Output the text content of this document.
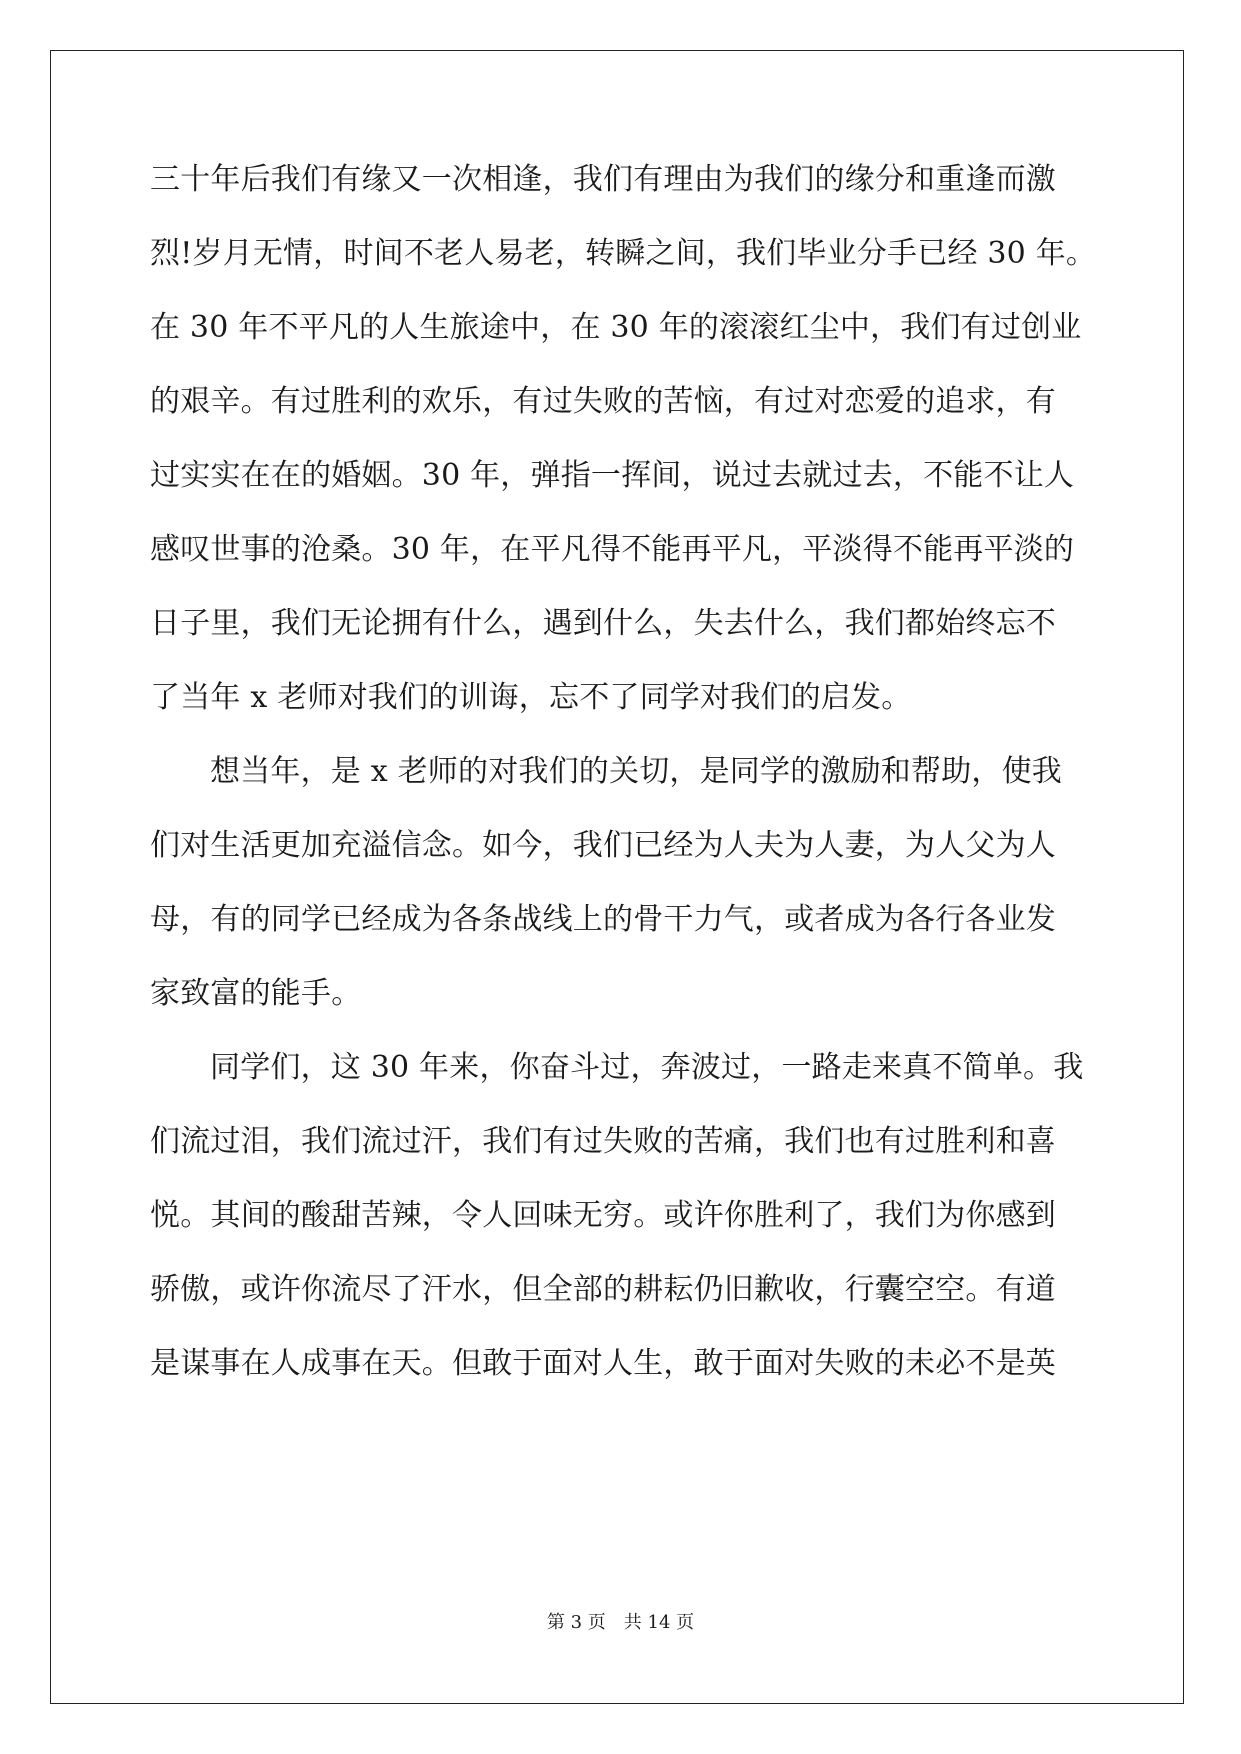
三十年后我们有缘又一次相逢，我们有理由为我们的缘分和重逢而激
烈!岁月无情，时间不老人易老，转瞬之间，我们毕业分手已经 30 年。
在 30 年不平凡的人生旅途中，在 30 年的滚滚红尘中，我们有过创业
的艰辛。有过胜利的欢乐，有过失败的苦恼，有过对恋爱的追求，有
过实实在在的婚姻。30 年，弹指一挥间，说过去就过去，不能不让人
感叹世事的沧桑。30 年，在平凡得不能再平凡，平淡得不能再平淡的
日子里，我们无论拥有什么，遇到什么，失去什么，我们都始终忘不
了当年 x 老师对我们的训诲，忘不了同学对我们的启发。
想当年，是 x 老师的对我们的关切，是同学的激励和帮助，使我
们对生活更加充溢信念。如今，我们已经为人夫为人妻，为人父为人
母，有的同学已经成为各条战线上的骨干力气，或者成为各行各业发
家致富的能手。
同学们，这 30 年来，你奋斗过，奔波过，一路走来真不简单。我
们流过泪，我们流过汗，我们有过失败的苦痛，我们也有过胜利和喜
悦。其间的酸甜苦辣，令人回味无穷。或许你胜利了，我们为你感到
骄傲，或许你流尽了汗水，但全部的耕耘仍旧歉收，行囊空空。有道
是谋事在人成事在天。但敢于面对人生，敢于面对失败的未必不是英
第 3 页　共 14 页
